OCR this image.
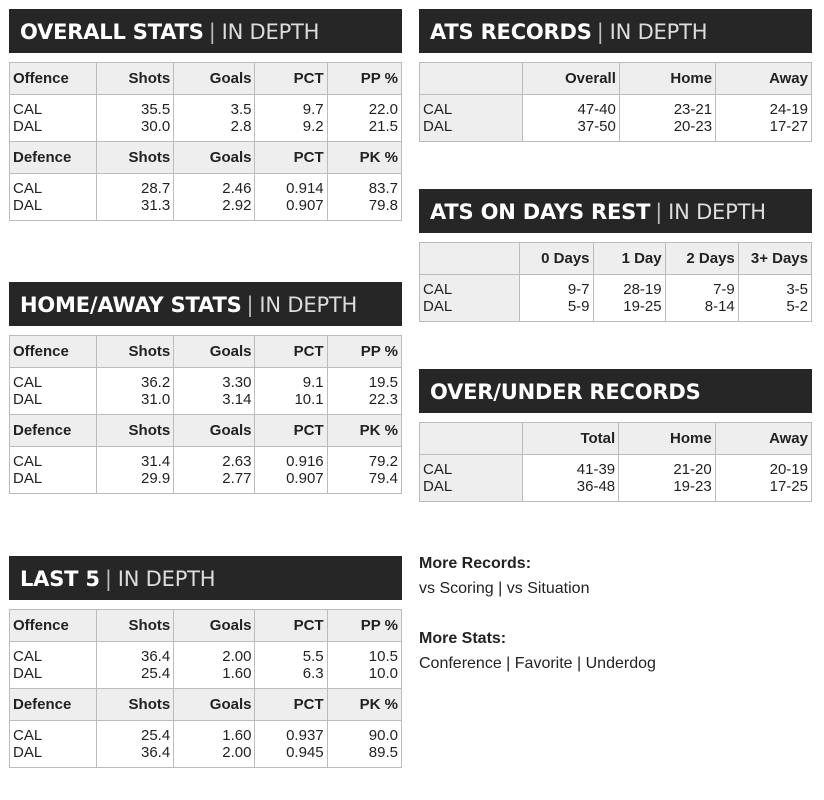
OVERALL STATS | IN DEPTH
Offence	Shots	Goals	PCT	PP %
CAL	35.5	3.5	9.7	22.0
DAL	30.0	2.8	9.2	21.5
Defence	Shots	Goals	PCT	PK %
CAL	28.7	2.46	0.914	83.7
DAL	31.3	2.92	0.907	79.8
HOME/AWAY STATS | IN DEPTH
Offence	Shots	Goals	PCT	PP %
CAL	36.2	3.30	9.1	19.5
DAL	31.0	3.14	10.1	22.3
Defence	Shots	Goals	PCT	PK %
CAL	31.4	2.63	0.916	79.2
DAL	29.9	2.77	0.907	79.4
LAST 5 | IN DEPTH
Offence	Shots	Goals	PCT	PP %
CAL	36.4	2.00	5.5	10.5
DAL	25.4	1.60	6.3	10.0
Defence	Shots	Goals	PCT	PK %
CAL	25.4	1.60	0.937	90.0
DAL	36.4	2.00	0.945	89.5
ATS RECORDS | IN DEPTH
	Overall	Home	Away
CAL	47-40	23-21	24-19
DAL	37-50	20-23	17-27
ATS ON DAYS REST | IN DEPTH
	0 Days	1 Day	2 Days	3+ Days
CAL	9-7	28-19	7-9	3-5
DAL	5-9	19-25	8-14	5-2
OVER/UNDER RECORDS
	Total	Home	Away
CAL	41-39	21-20	20-19
DAL	36-48	19-23	17-25
More Records:
vs Scoring | vs Situation
More Stats:
Conference | Favorite | Underdog
